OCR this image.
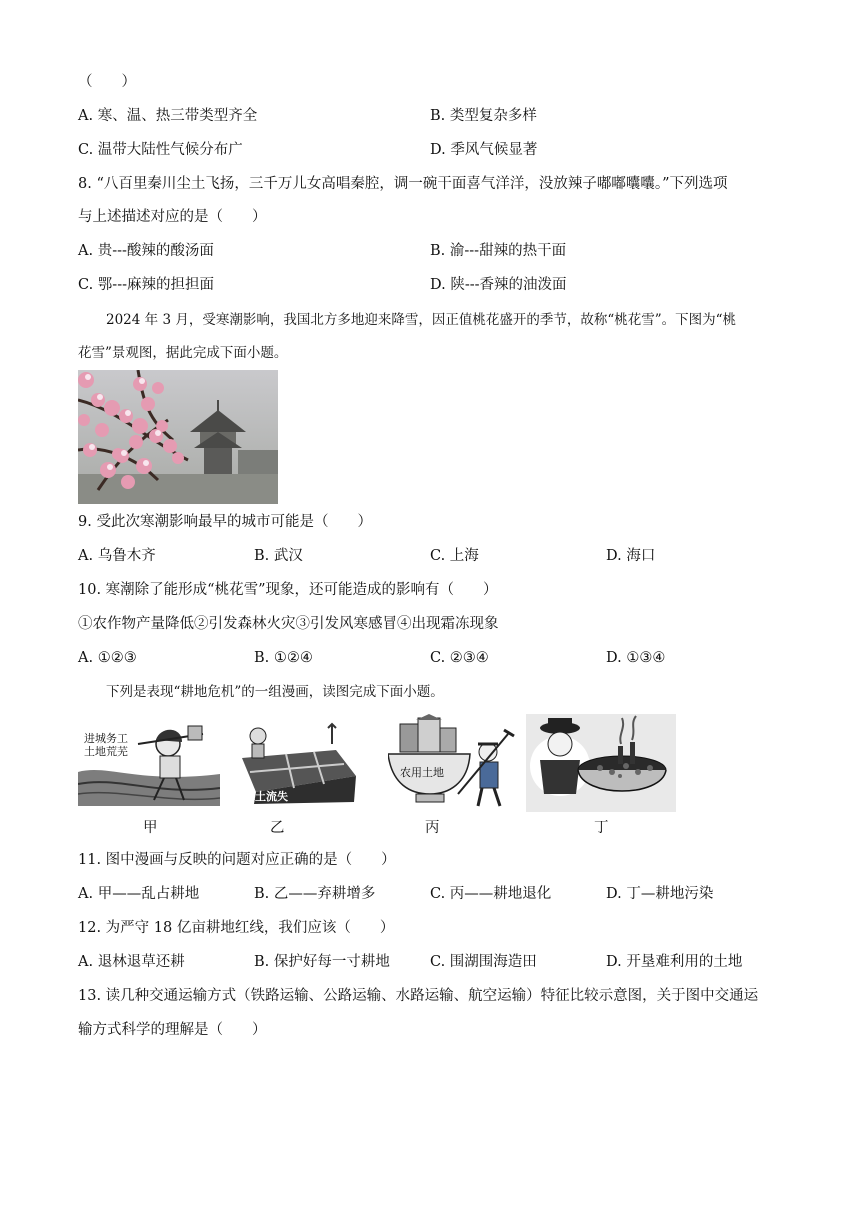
（　　）
A. 寒、温、热三带类型齐全	B. 类型复杂多样
C. 温带大陆性气候分布广	D. 季风气候显著
8. “八百里秦川尘土飞扬，三千万儿女高唱秦腔，调一碗干面喜气洋洋，没放辣子嘟嘟囔囔。”下列选项
与上述描述对应的是（　　）
A. 贵---酸辣的酸汤面	B. 渝---甜辣的热干面
C. 鄂---麻辣的担担面	D. 陕---香辣的油泼面
2024 年 3 月，受寒潮影响，我国北方多地迎来降雪，因正值桃花盛开的季节，故称“桃花雪”。下图为“桃
花雪”景观图，据此完成下面小题。
9. 受此次寒潮影响最早的城市可能是（　　）
A. 乌鲁木齐	B. 武汉	C. 上海	D. 海口
10. 寒潮除了能形成“桃花雪”现象，还可能造成的影响有（　　）
①农作物产量降低②引发森林火灾③引发风寒感冒④出现霜冻现象
A. ①②③	B. ①②④	C. ②③④	D. ①③④
下列是表现“耕地危机”的一组漫画，读图完成下面小题。
进城务工
土地荒芜
水土流失
农用土地
甲	乙	丙	丁
11. 图中漫画与反映的问题对应正确的是（　　）
A. 甲——乱占耕地	B. 乙——弃耕增多	C. 丙——耕地退化	D. 丁—耕地污染
12. 为严守 18 亿亩耕地红线，我们应该（　　）
A. 退林退草还耕	B. 保护好每一寸耕地	C. 围湖围海造田	D. 开垦难利用的土地
13. 读几种交通运输方式（铁路运输、公路运输、水路运输、航空运输）特征比较示意图，关于图中交通运
输方式科学的理解是（　　）
